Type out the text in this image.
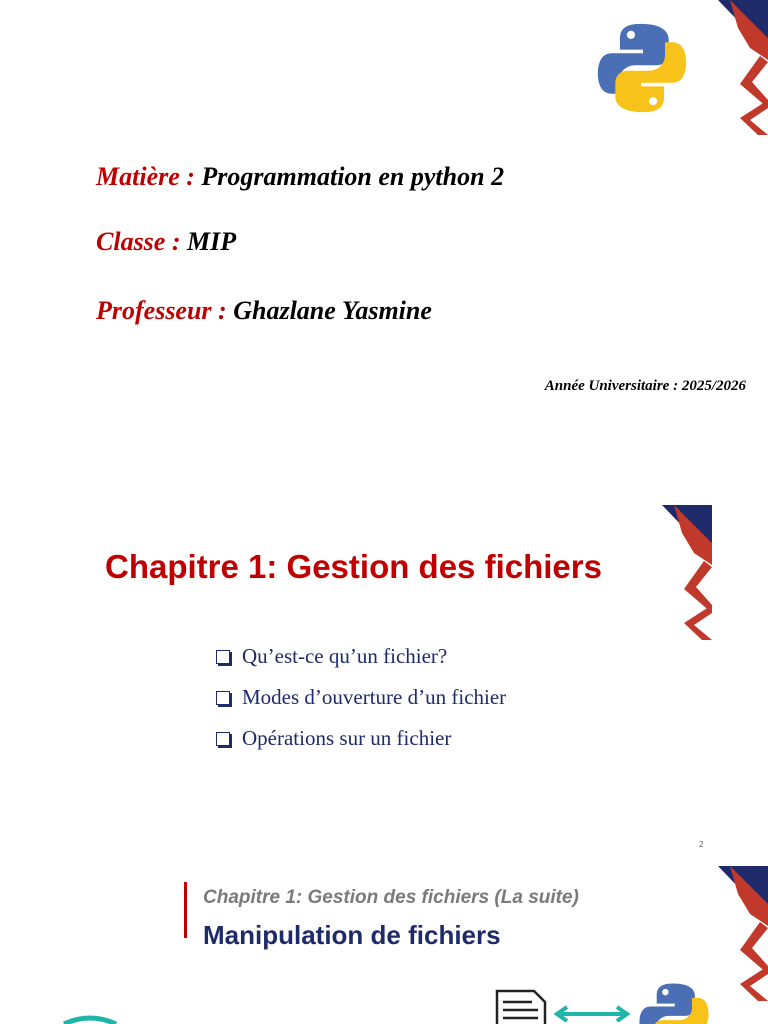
Matière : Programmation en python 2
Classe : MIP
Professeur : Ghazlane Yasmine
Année Universitaire : 2025/2026
Chapitre 1: Gestion des fichiers
Qu’est-ce qu’un fichier?
Modes d’ouverture d’un fichier
Opérations sur un fichier
2
Chapitre 1: Gestion des fichiers (La suite)
Manipulation de fichiers
